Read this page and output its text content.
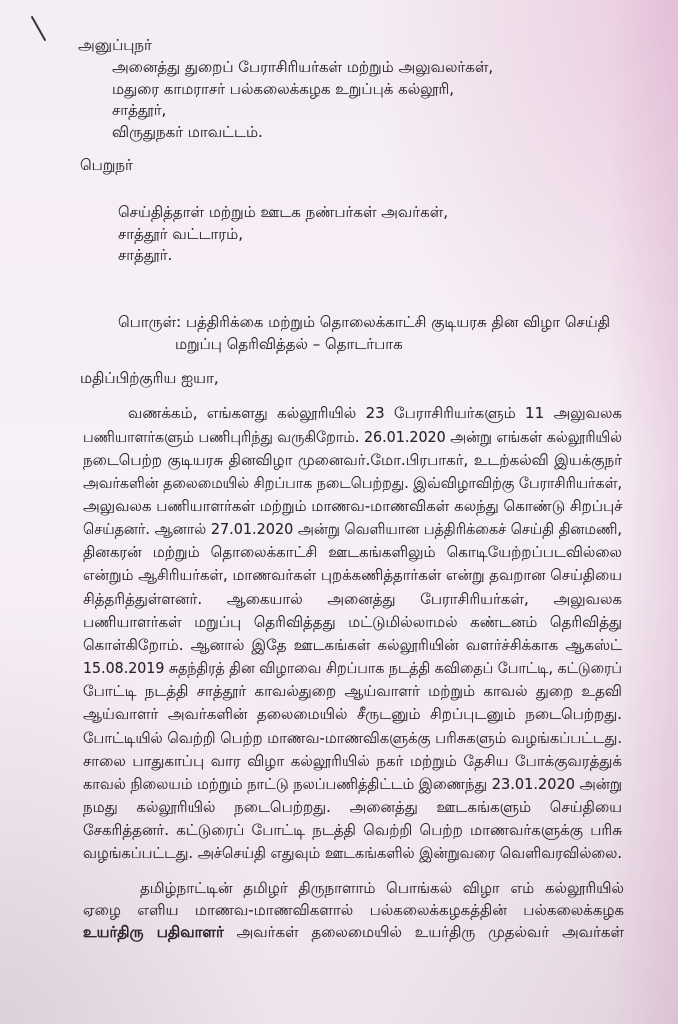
அனுப்புநர்
அனைத்து துறைப் பேராசிரியர்கள் மற்றும் அலுவலர்கள்,
மதுரை காமராசர் பல்கலைக்கழக உறுப்புக் கல்லூரி,
சாத்தூர்,
விருதுநகர் மாவட்டம்.
பெறுநர்
செய்தித்தாள் மற்றும் ஊடக நண்பர்கள் அவர்கள்,
சாத்தூர் வட்டாரம்,
சாத்தூர்.
பொருள்: பத்திரிக்கை மற்றும் தொலைக்காட்சி குடியரசு தின விழா செய்தி
மறுப்பு தெரிவித்தல் – தொடர்பாக
மதிப்பிற்குரிய ஐயா,
வணக்கம், எங்களது கல்லூரியில் 23 பேராசிரியர்களும் 11 அலுவலக
பணியாளர்களும் பணிபுரிந்து வருகிறோம். 26.01.2020 அன்று எங்கள் கல்லூரியில்
நடைபெற்ற குடியரசு தினவிழா முனைவர்.மோ.பிரபாகர், உடற்கல்வி இயக்குநர்
அவர்களின் தலைமையில் சிறப்பாக நடைபெற்றது. இவ்விழாவிற்கு பேராசிரியர்கள்,
அலுவலக பணியாளர்கள் மற்றும் மாணவ-மாணவிகள் கலந்து கொண்டு சிறப்புச்
செய்தனர். ஆனால் 27.01.2020 அன்று வெளியான பத்திரிக்கைச் செய்தி தினமணி,
தினகரன் மற்றும் தொலைக்காட்சி ஊடகங்களிலும் கொடியேற்றப்படவில்லை
என்றும் ஆசிரியர்கள், மாணவர்கள் புறக்கணித்தார்கள் என்று தவறான செய்தியை
சித்தரித்துள்ளனர். ஆகையால் அனைத்து பேராசிரியர்கள், அலுவலக
பணியாளர்கள் மறுப்பு தெரிவித்தது மட்டுமில்லாமல் கண்டனம் தெரிவித்து
கொள்கிறோம். ஆனால் இதே ஊடகங்கள் கல்லூரியின் வளர்ச்சிக்காக ஆகஸ்ட்
15.08.2019 சுதந்திரத் தின விழாவை சிறப்பாக நடத்தி கவிதைப் போட்டி, கட்டுரைப்
போட்டி நடத்தி சாத்தூர் காவல்துறை ஆய்வாளர் மற்றும் காவல் துறை உதவி
ஆய்வாளர் அவர்களின் தலைமையில் சீருடனும் சிறப்புடனும் நடைபெற்றது.
போட்டியில் வெற்றி பெற்ற மாணவ-மாணவிகளுக்கு பரிசுகளும் வழங்கப்பட்டது.
சாலை பாதுகாப்பு வார விழா கல்லூரியில் நகர் மற்றும் தேசிய போக்குவரத்துக்
காவல் நிலையம் மற்றும் நாட்டு நலப்பணித்திட்டம் இணைந்து 23.01.2020 அன்று
நமது கல்லூரியில் நடைபெற்றது. அனைத்து ஊடகங்களும் செய்தியை
சேகரித்தனர். கட்டுரைப் போட்டி நடத்தி வெற்றி பெற்ற மாணவர்களுக்கு பரிசு
வழங்கப்பட்டது. அச்செய்தி எதுவும் ஊடகங்களில் இன்றுவரை வெளிவரவில்லை.
தமிழ்நாட்டின் தமிழர் திருநாளாம் பொங்கல் விழா எம் கல்லூரியில்
ஏழை எளிய மாணவ-மாணவிகளால் பல்கலைக்கழகத்தின் பல்கலைக்கழக
உயர்திரு பதிவாளர் அவர்கள் தலைமையில் உயர்திரு முதல்வர் அவர்கள்
